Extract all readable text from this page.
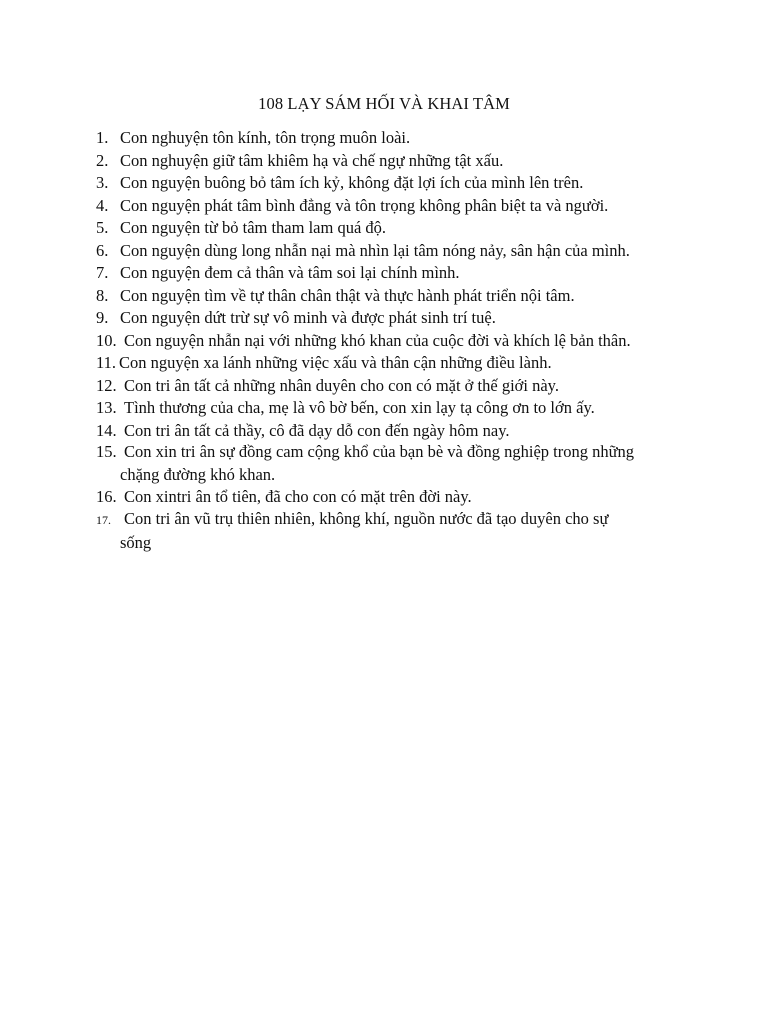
108 LẠY SÁM HỐI VÀ KHAI TÂM
1. Con nghuyện tôn kính, tôn trọng muôn loài.
2. Con nghuyện giữ tâm khiêm hạ và chế ngự những tật xấu.
3. Con nguyện buông bỏ tâm ích kỷ, không đặt lợi ích của mình lên trên.
4. Con nguyện phát tâm bình đẳng và tôn trọng không phân biệt ta và người.
5. Con nguyện từ bỏ tâm tham lam quá độ.
6. Con nguyện dùng long nhẫn nại mà nhìn lại tâm nóng nảy, sân hận của mình.
7. Con nguyện đem cả thân và tâm soi lại chính mình.
8. Con nguyện tìm về tự thân chân thật và thực hành phát triển nội tâm.
9. Con nguyện dứt trừ sự vô minh và được phát sinh trí tuệ.
10. Con nguyện nhẫn nại với những khó khan của cuộc đời và khích lệ bản thân.
11. Con nguyện xa lánh những việc xấu và thân cận những điều lành.
12. Con tri ân tất cả những nhân duyên cho con có mặt ở thế giới này.
13. Tình thương của cha, mẹ là vô bờ bến, con xin lạy tạ công ơn to lớn ấy.
14. Con tri ân tất cả thầy, cô đã dạy dỗ con đến ngày hôm nay.
15. Con xin tri ân sự đồng cam cộng khổ của bạn bè và đồng nghiệp trong những
chặng đường khó khan.
16. Con xintri ân tổ tiên, đã cho con có mặt trên đời này.
17. Con tri ân vũ trụ thiên nhiên, không khí, nguồn nước đã tạo duyên cho sự
sống
